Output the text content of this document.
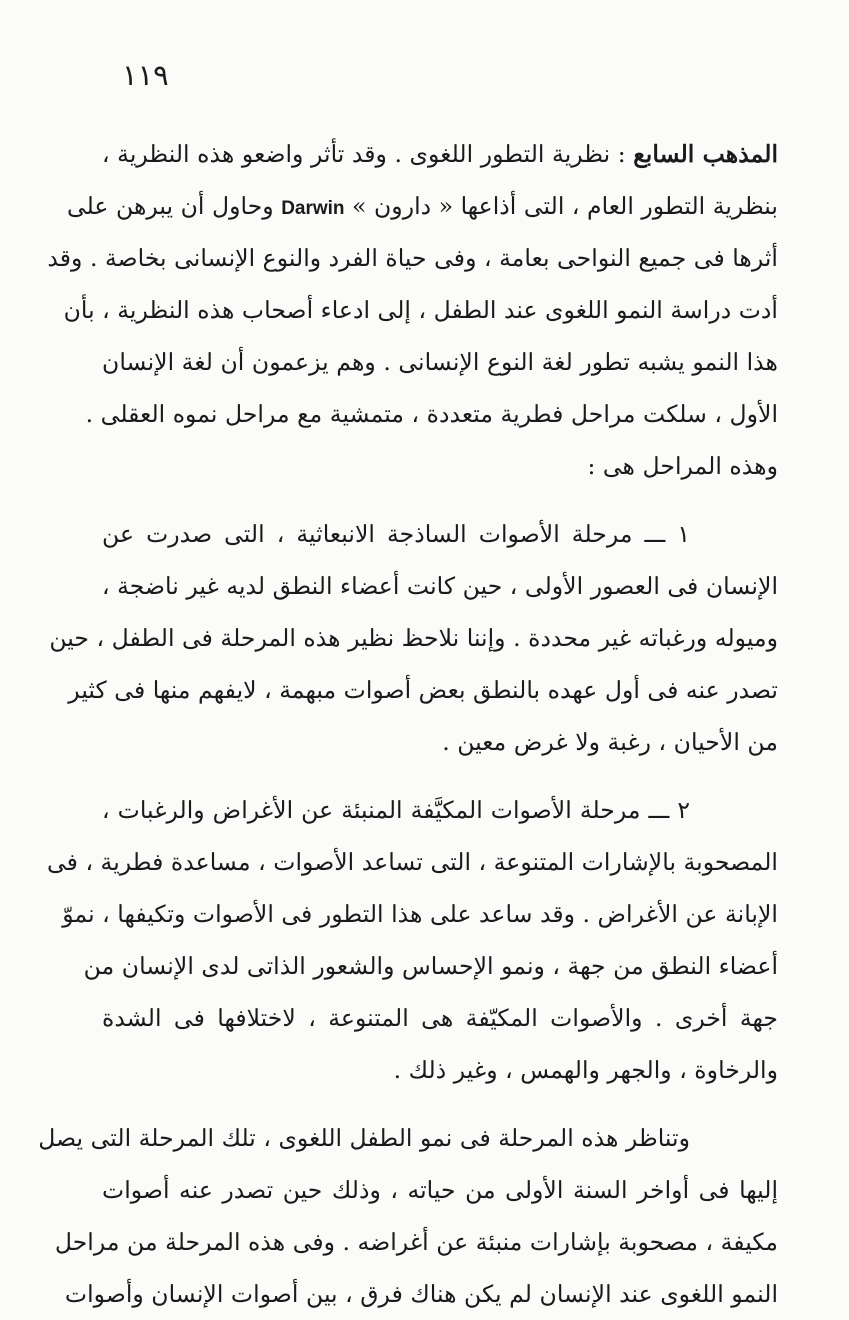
١١٩
المذهب السابع : نظرية التطور اللغوى . وقد تأثر واضعو هذه النظرية ،
بنظرية التطور العام ، التى أذاعها « دارون » Darwin وحاول أن يبرهن على
أثرها فى جميع النواحى بعامة ، وفى حياة الفرد والنوع الإنسانى بخاصة . وقد
أدت دراسة النمو اللغوى عند الطفل ، إلى ادعاء أصحاب هذه النظرية ، بأن
هذا النمو يشبه تطور لغة النوع الإنسانى . وهم يزعمون أن لغة الإنسان
الأول ، سلكت مراحل فطرية متعددة ، متمشية مع مراحل نموه العقلى .
وهذه المراحل هى :
١ ـــ مرحلة الأصوات الساذجة الانبعاثية ، التى صدرت عن
الإنسان فى العصور الأولى ، حين كانت أعضاء النطق لديه غير ناضجة ،
وميوله ورغباته غير محددة . وإننا نلاحظ نظير هذه المرحلة فى الطفل ، حين
تصدر عنه فى أول عهده بالنطق بعض أصوات مبهمة ، لايفهم منها فى كثير
من الأحيان ، رغبة ولا غرض معين .
٢ ـــ مرحلة الأصوات المكيَّفة المنبئة عن الأغراض والرغبات ،
المصحوبة بالإشارات المتنوعة ، التى تساعد الأصوات ، مساعدة فطرية ، فى
الإبانة عن الأغراض . وقد ساعد على هذا التطور فى الأصوات وتكيفها ، نموّ
أعضاء النطق من جهة ، ونمو الإحساس والشعور الذاتى لدى الإنسان من
جهة أخرى . والأصوات المكيّفة هى المتنوعة ، لاختلافها فى الشدة
والرخاوة ، والجهر والهمس ، وغير ذلك .
وتناظر هذه المرحلة فى نمو الطفل اللغوى ، تلك المرحلة التى يصل
إليها فى أواخر السنة الأولى من حياته ، وذلك حين تصدر عنه أصوات
مكيفة ، مصحوبة بإشارات منبئة عن أغراضه . وفى هذه المرحلة من مراحل
النمو اللغوى عند الإنسان لم يكن هناك فرق ، بين أصوات الإنسان وأصوات
